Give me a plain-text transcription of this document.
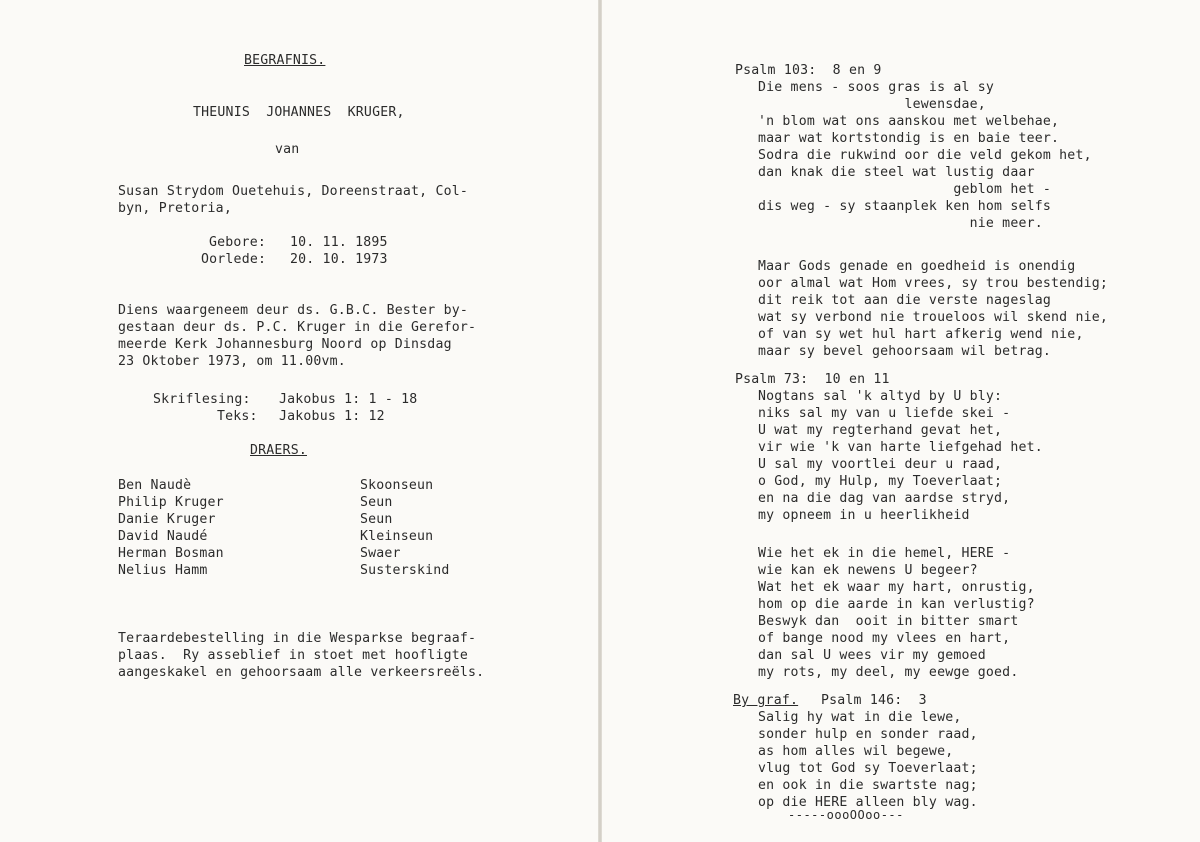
BEGRAFNIS.
THEUNIS  JOHANNES  KRUGER,
van
Susan Strydom Ouetehuis, Doreenstraat, Col-
byn, Pretoria,
Gebore: 10. 11. 1895
Oorlede: 20. 10. 1973
Diens waargeneem deur ds. G.B.C. Bester by-
gestaan deur ds. P.C. Kruger in die Gerefor-
meerde Kerk Johannesburg Noord op Dinsdag
23 Oktober 1973, om 11.00vm.
Skriflesing: Jakobus 1: 1 - 18
Teks: Jakobus 1: 12
DRAERS.
Ben Naudè	Skoonseun
Philip Kruger	Seun
Danie Kruger	Seun
David Naudé	Kleinseun
Herman Bosman	Swaer
Nelius Hamm	Susterskind
Teraardebestelling in die Wesparkse begraaf-
plaas.  Ry asseblief in stoet met hoofligte
aangeskakel en gehoorsaam alle verkeersreëls.
Psalm 103:  8 en 9
Die mens - soos gras is al sy
lewensdae,
'n blom wat ons aanskou met welbehae,
maar wat kortstondig is en baie teer.
Sodra die rukwind oor die veld gekom het,
dan knak die steel wat lustig daar
geblom het -
dis weg - sy staanplek ken hom selfs
nie meer.
Maar Gods genade en goedheid is onendig
oor almal wat Hom vrees, sy trou bestendig;
dit reik tot aan die verste nageslag
wat sy verbond nie troueloos wil skend nie,
of van sy wet hul hart afkerig wend nie,
maar sy bevel gehoorsaam wil betrag.
Psalm 73:  10 en 11
Nogtans sal 'k altyd by U bly:
niks sal my van u liefde skei -
U wat my regterhand gevat het,
vir wie 'k van harte liefgehad het.
U sal my voortlei deur u raad,
o God, my Hulp, my Toeverlaat;
en na die dag van aardse stryd,
my opneem in u heerlikheid
Wie het ek in die hemel, HERE -
wie kan ek newens U begeer?
Wat het ek waar my hart, onrustig,
hom op die aarde in kan verlustig?
Beswyk dan  ooit in bitter smart
of bange nood my vlees en hart,
dan sal U wees vir my gemoed
my rots, my deel, my eewge goed.
By graf. Psalm 146:  3
Salig hy wat in die lewe,
sonder hulp en sonder raad,
as hom alles wil begewe,
vlug tot God sy Toeverlaat;
en ook in die swartste nag;
op die HERE alleen bly wag.
-----oooOOoo---
